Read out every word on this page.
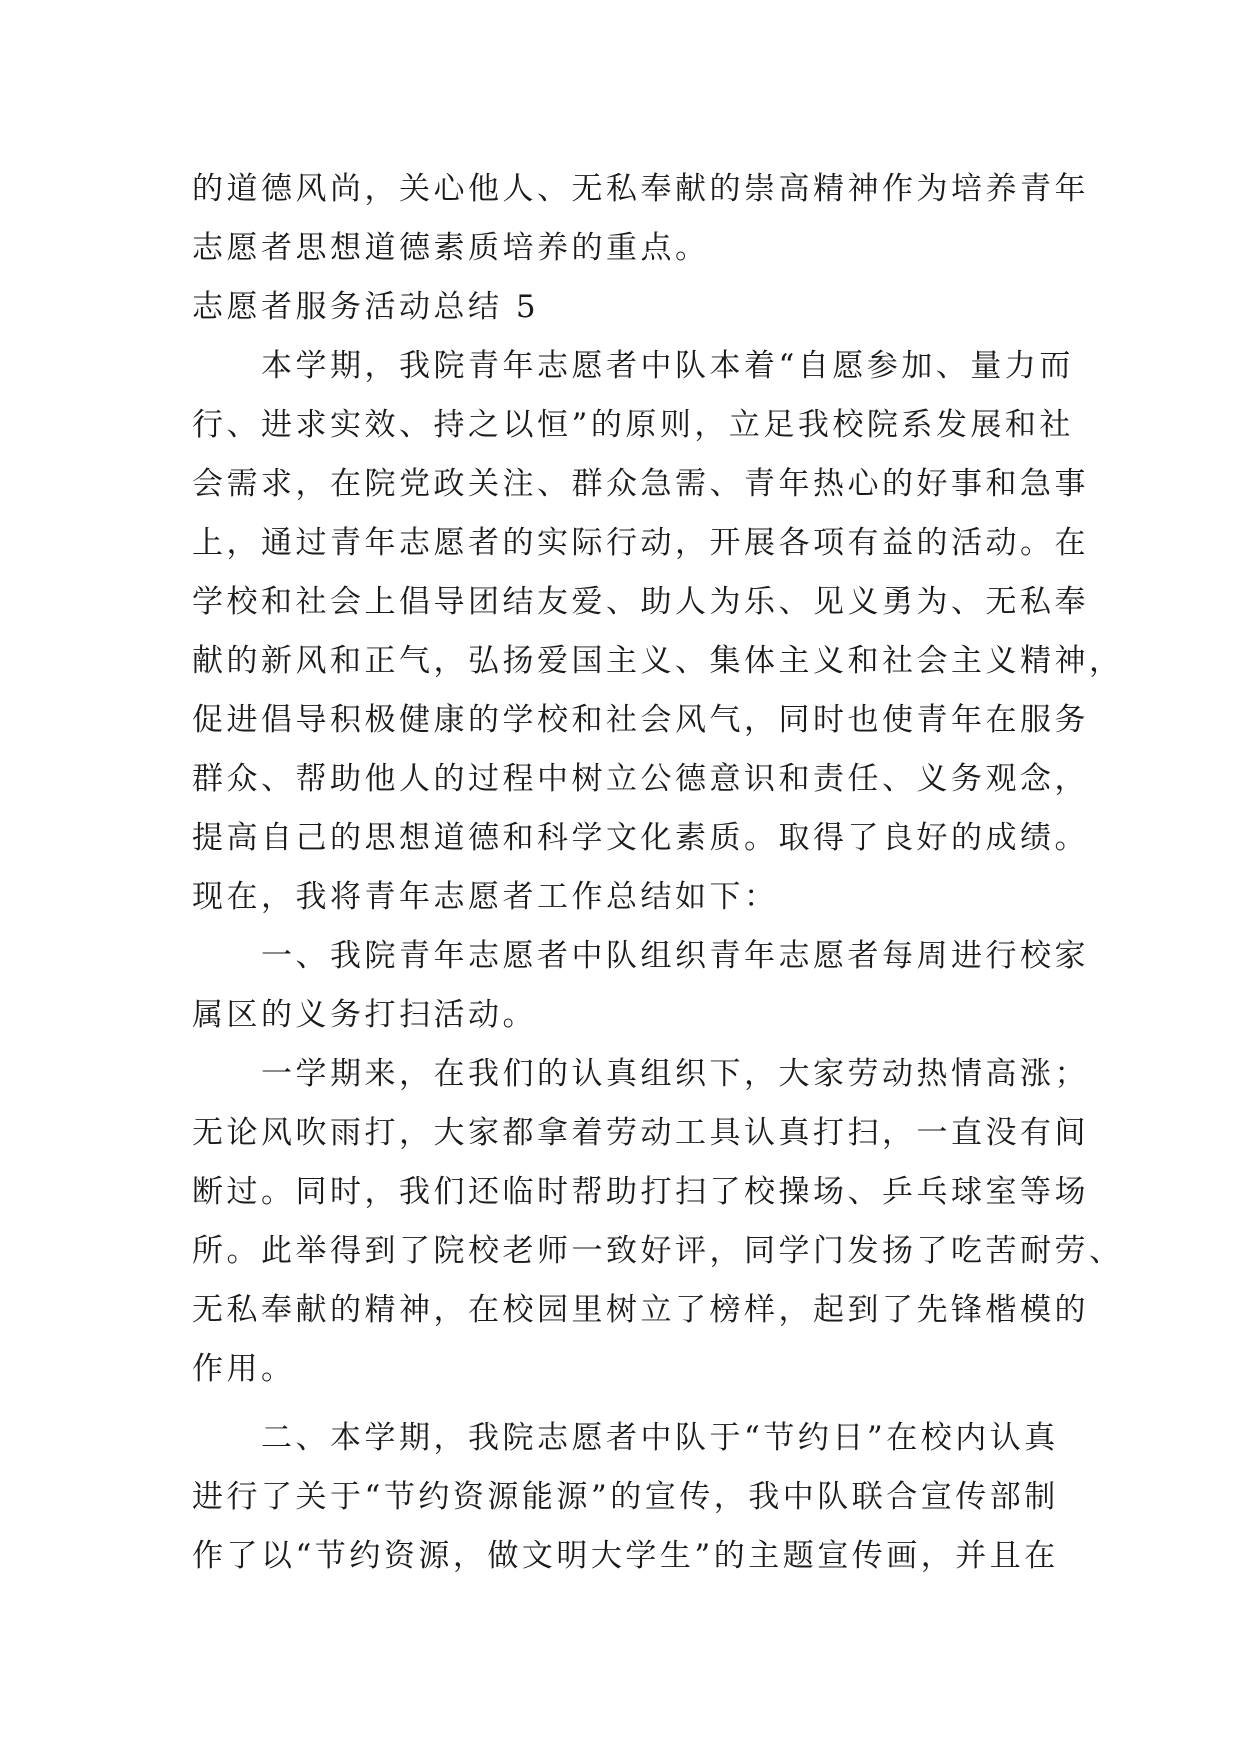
的道德风尚，关心他人、无私奉献的崇高精神作为培养青年
志愿者思想道德素质培养的重点。
志愿者服务活动总结 5
　　本学期，我院青年志愿者中队本着“自愿参加、量力而
行、进求实效、持之以恒”的原则，立足我校院系发展和社
会需求，在院党政关注、群众急需、青年热心的好事和急事
上，通过青年志愿者的实际行动，开展各项有益的活动。在
学校和社会上倡导团结友爱、助人为乐、见义勇为、无私奉
献的新风和正气，弘扬爱国主义、集体主义和社会主义精神，
促进倡导积极健康的学校和社会风气，同时也使青年在服务
群众、帮助他人的过程中树立公德意识和责任、义务观念，
提高自己的思想道德和科学文化素质。取得了良好的成绩。
现在，我将青年志愿者工作总结如下：
　　一、我院青年志愿者中队组织青年志愿者每周进行校家
属区的义务打扫活动。
　　一学期来，在我们的认真组织下，大家劳动热情高涨；
无论风吹雨打，大家都拿着劳动工具认真打扫，一直没有间
断过。同时，我们还临时帮助打扫了校操场、乒乓球室等场
所。此举得到了院校老师一致好评，同学门发扬了吃苦耐劳、
无私奉献的精神，在校园里树立了榜样，起到了先锋楷模的
作用。
　　二、本学期，我院志愿者中队于“节约日”在校内认真
进行了关于“节约资源能源”的宣传，我中队联合宣传部制
作了以“节约资源，做文明大学生”的主题宣传画，并且在
